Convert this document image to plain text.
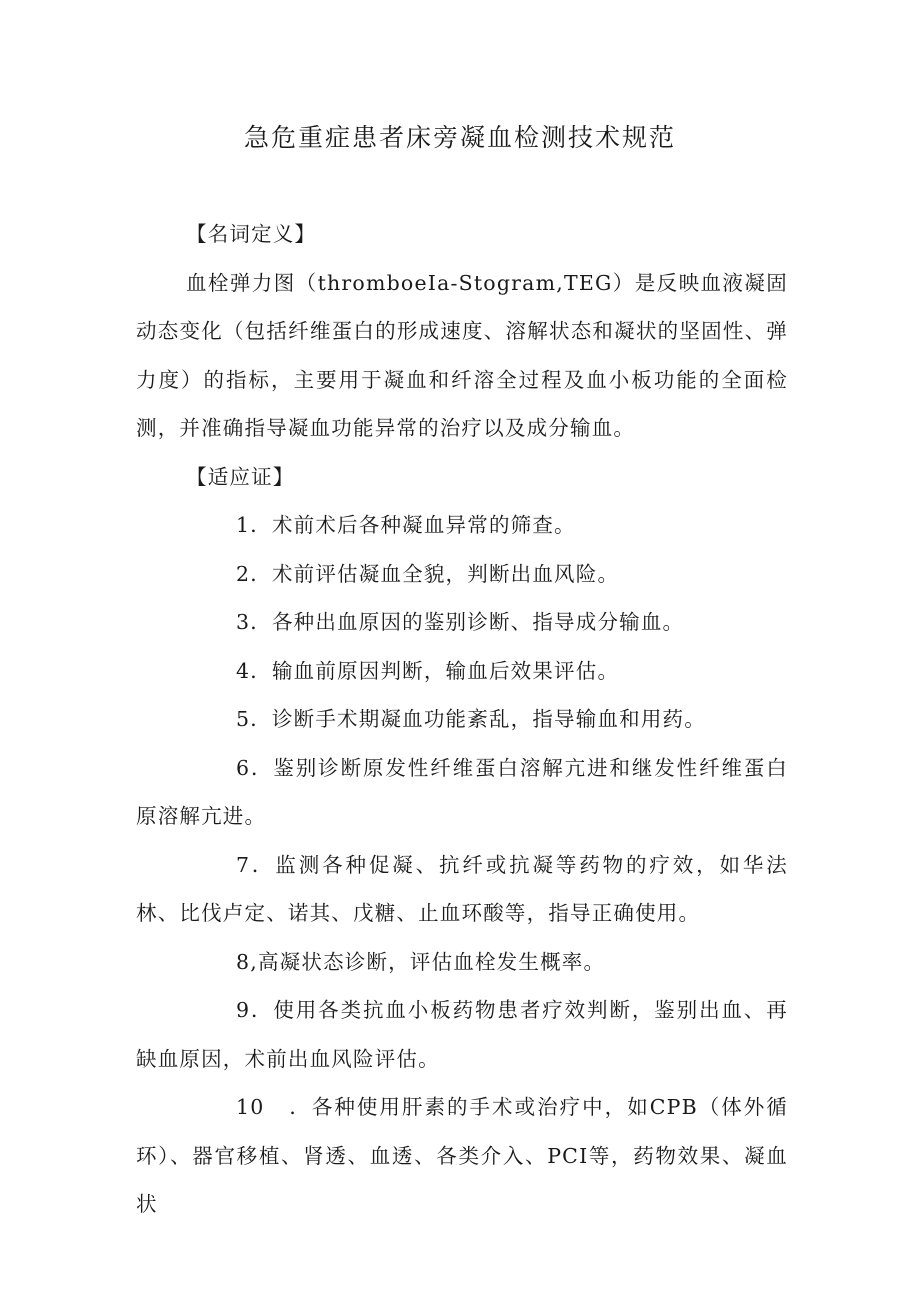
急危重症患者床旁凝血检测技术规范
【名词定义】

血栓弹力图（thromboeIa-Stogram,TEG）是反映血液凝固动态变化（包括纤维蛋白的形成速度、溶解状态和凝状的坚固性、弹力度）的指标，主要用于凝血和纤溶全过程及血小板功能的全面检测，并准确指导凝血功能异常的治疗以及成分输血。

【适应证】

1．术前术后各种凝血异常的筛查。

2．术前评估凝血全貌，判断出血风险。

3．各种出血原因的鉴别诊断、指导成分输血。

4．输血前原因判断，输血后效果评估。

5．诊断手术期凝血功能紊乱，指导输血和用药。

6．鉴别诊断原发性纤维蛋白溶解亢进和继发性纤维蛋白原溶解亢进。

7．监测各种促凝、抗纤或抗凝等药物的疗效，如华法林、比伐卢定、诺其、戊糖、止血环酸等，指导正确使用。

8,高凝状态诊断，评估血栓发生概率。

9．使用各类抗血小板药物患者疗效判断，鉴别出血、再缺血原因，术前出血风险评估。

10 ．各种使用肝素的手术或治疗中，如CPB（体外循环）、器官移植、肾透、血透、各类介入、PCI等，药物效果、凝血状
